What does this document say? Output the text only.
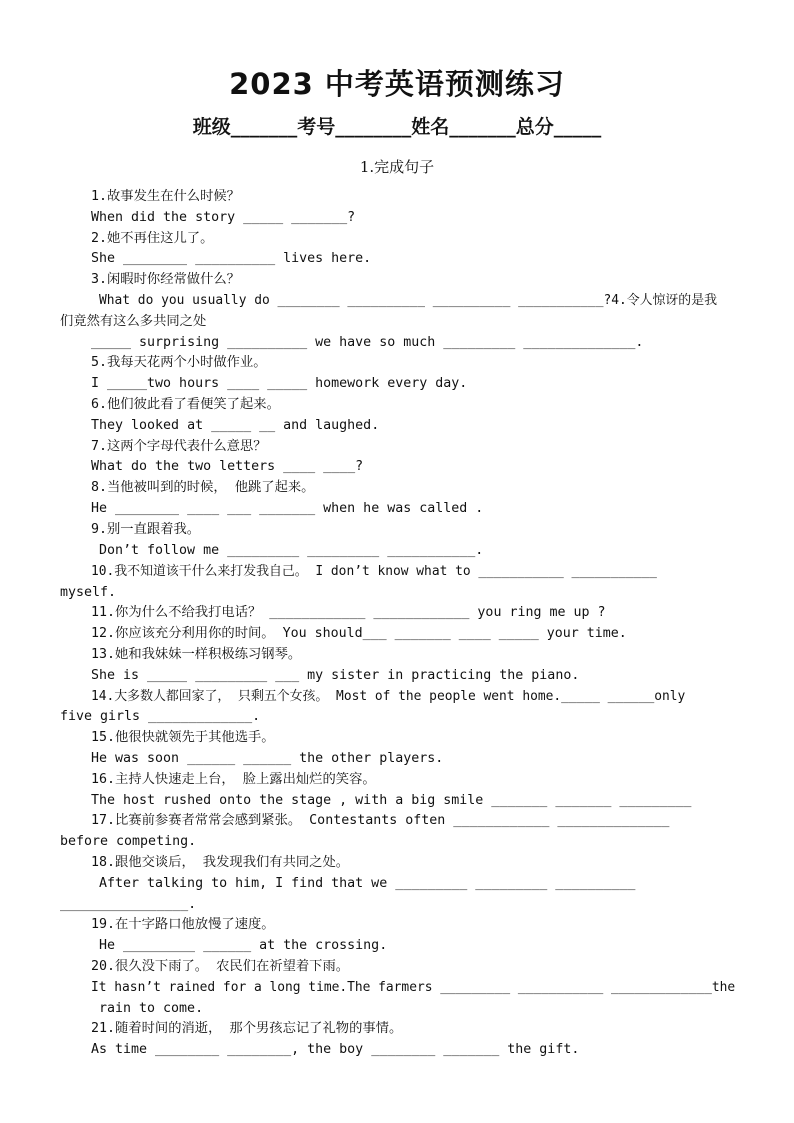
2023 中考英语预测练习
班级_______考号________姓名_______总分_____
1.完成句子
1.故事发生在什么时候？
When did the story _____ _______?
2.她不再住这儿了。
She ________ __________ lives here.
3.闲暇时你经常做什么？
What do you usually do ________ __________ __________ ___________?4.令人惊讶的是我
们竟然有这么多共同之处
_____ surprising __________ we have so much _________ ______________.
5.我每天花两个小时做作业。
I _____two hours ____ _____ homework every day.
6.他们彼此看了看便笑了起来。
They looked at _____ __ and laughed.
7.这两个字母代表什么意思？
What do the two letters ____ ____?
8.当他被叫到的时候， 他跳了起来。
He ________ ____ ___ _______ when he was called .
9.别一直跟着我。
Don’t follow me _________ _________ ___________.
10.我不知道该干什么来打发我自己。 I don’t know what to ___________ ___________
myself.
11.你为什么不给我打电话？ ____________ ____________ you ring me up ?
12.你应该充分利用你的时间。 You should___ _______ ____ _____ your time.
13.她和我妹妹一样积极练习钢琴。
She is _____ _________ ___ my sister in practicing the piano.
14.大多数人都回家了， 只剩五个女孩。 Most of the people went home._____ ______only
five girls _____________.
15.他很快就领先于其他选手。
He was soon ______ ______ the other players.
16.主持人快速走上台， 脸上露出灿烂的笑容。
The host rushed onto the stage , with a big smile _______ _______ _________
17.比赛前参赛者常常会感到紧张。 Contestants often ____________ ______________
before competing.
18.跟他交谈后， 我发现我们有共同之处。
After talking to him, I find that we _________ _________ __________
________________.
19.在十字路口他放慢了速度。
He _________ ______ at the crossing.
20.很久没下雨了。 农民们在祈望着下雨。
It hasn’t rained for a long time.The farmers _________ ___________ _____________the
rain to come.
21.随着时间的消逝， 那个男孩忘记了礼物的事情。
As time ________ ________, the boy ________ _______ the gift.
